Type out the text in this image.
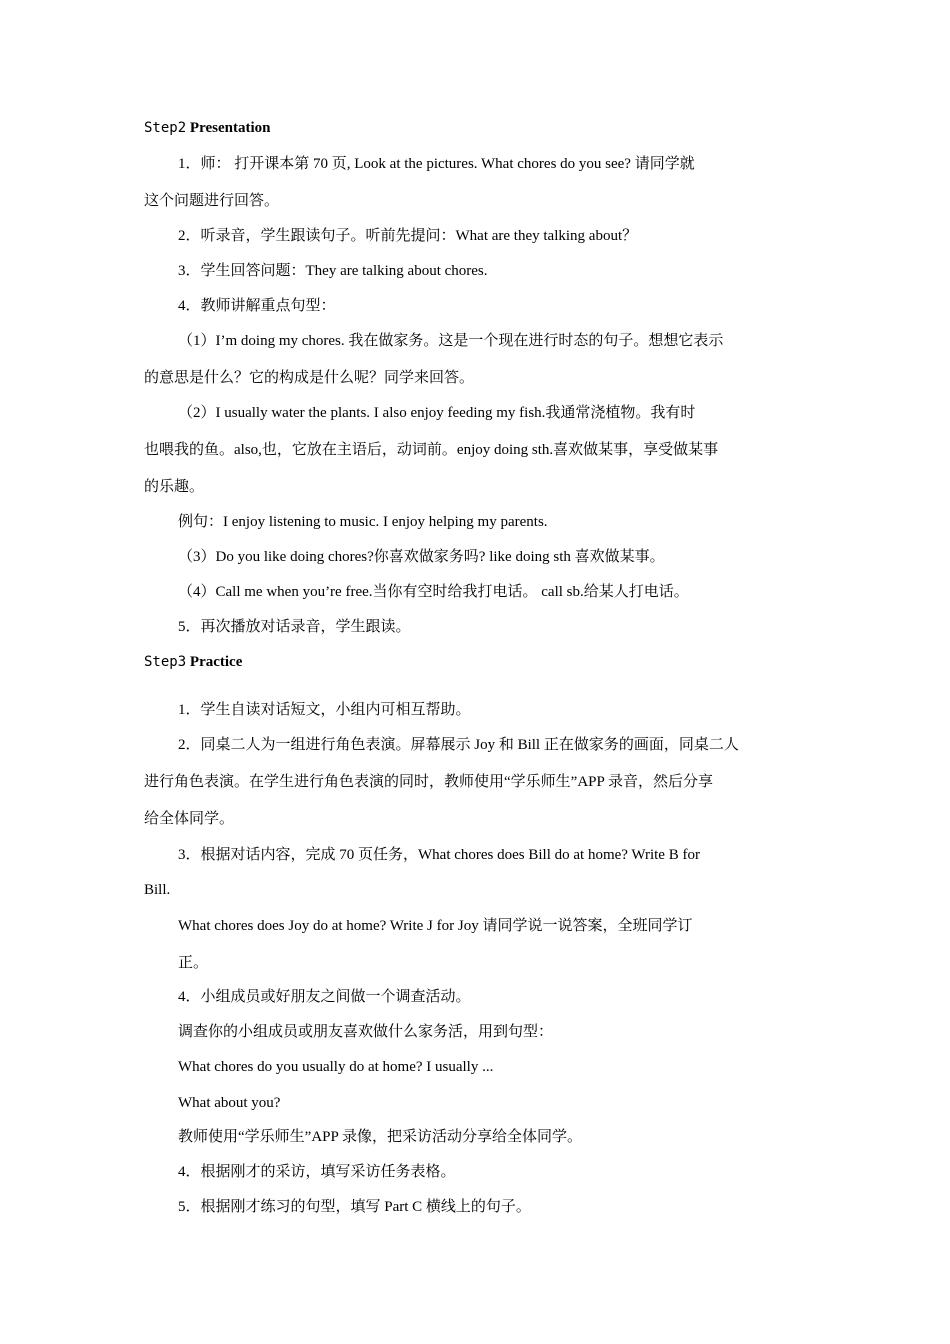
Step2 Presentation
1．师： 打开课本第 70 页, Look at the pictures. What chores do you see? 请同学就
这个问题进行回答。
2．听录音，学生跟读句子。听前先提问：What are they talking about？
3．学生回答问题：They are talking about chores.
4．教师讲解重点句型：
（1）I’m doing my chores. 我在做家务。这是一个现在进行时态的句子。想想它表示
的意思是什么？它的构成是什么呢？同学来回答。
（2）I usually water the plants. I also enjoy feeding my fish.我通常浇植物。我有时
也喂我的鱼。also,也，它放在主语后，动词前。enjoy doing sth.喜欢做某事，享受做某事
的乐趣。
例句：I enjoy listening to music. I enjoy helping my parents.
（3）Do you like doing chores?你喜欢做家务吗? like doing sth 喜欢做某事。
（4）Call me when you’re free.当你有空时给我打电话。 call sb.给某人打电话。
5．再次播放对话录音，学生跟读。
Step3 Practice
1．学生自读对话短文，小组内可相互帮助。
2．同桌二人为一组进行角色表演。屏幕展示 Joy 和 Bill 正在做家务的画面，同桌二人
进行角色表演。在学生进行角色表演的同时，教师使用“学乐师生”APP 录音，然后分享
给全体同学。
3．根据对话内容，完成 70 页任务，What chores does Bill do at home? Write B for
Bill.
What chores does Joy do at home? Write J for Joy 请同学说一说答案，全班同学订
正。
4．小组成员或好朋友之间做一个调查活动。
调查你的小组成员或朋友喜欢做什么家务活，用到句型：
What chores do you usually do at home? I usually ...
What about you?
教师使用“学乐师生”APP 录像，把采访活动分享给全体同学。
4．根据刚才的采访，填写采访任务表格。
5．根据刚才练习的句型，填写 Part C 横线上的句子。
